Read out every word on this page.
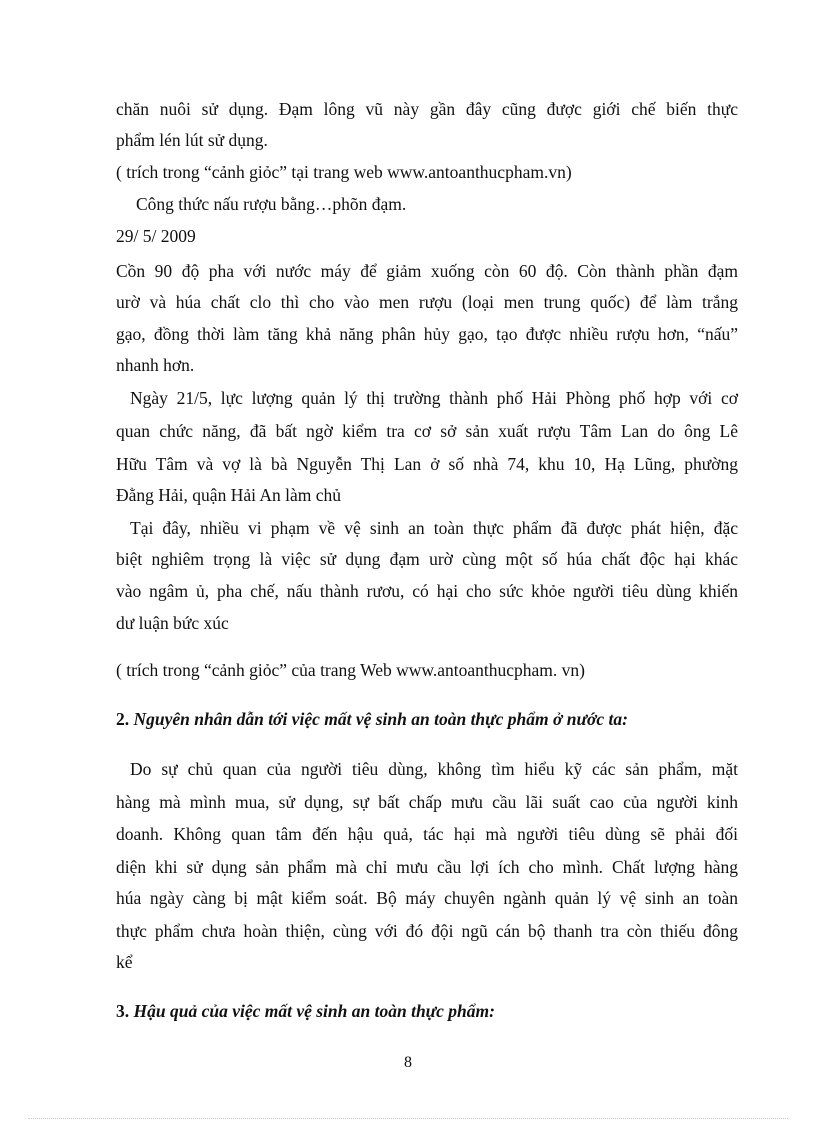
chăn nuôi sử dụng. Đạm lông vũ này gần đây cũng được giới chế biến thực
phẩm lén lút sử dụng.
( trích trong “cảnh giỏc” tại trang web www.antoanthucpham.vn)
Công thức nấu rượu bằng…phõn đạm.
29/ 5/ 2009
Cồn 90 độ pha với nước máy để giảm xuống còn 60 độ. Còn thành phần đạm
urờ và húa chất clo thì cho vào men rượu (loại men trung quốc) để làm trắng
gạo, đồng thời làm tăng khả năng phân hủy gạo, tạo được nhiều rượu hơn, “nấu”
nhanh hơn.
Ngày 21/5, lực lượng quản lý thị trường thành phố Hải Phòng phố hợp với cơ
quan chức năng, đã bất ngờ kiểm tra cơ sở sản xuất rượu Tâm Lan do ông Lê
Hữu Tâm và vợ là bà Nguyễn Thị Lan ở số nhà 74, khu 10, Hạ Lũng, phường
Đằng Hải, quận Hải An làm chủ
Tại đây, nhiều vi phạm về vệ sinh an toàn thực phẩm đã được phát hiện, đặc
biệt nghiêm trọng là việc sử dụng đạm urờ cùng một số húa chất độc hại khác
vào ngâm ủ, pha chế, nấu thành rươu, có hại cho sức khỏe người tiêu dùng khiến
dư luận bức xúc
( trích trong “cảnh giỏc” của trang Web www.antoanthucpham. vn)
2. Nguyên nhân dẫn tới việc mất vệ sinh an toàn thực phẩm ở nước ta:
Do sự chủ quan của người tiêu dùng, không tìm hiểu kỹ các sản phẩm, mặt
hàng mà mình mua, sử dụng, sự bất chấp mưu cầu lãi suất cao của người kinh
doanh. Không quan tâm đến hậu quả, tác hại mà người tiêu dùng sẽ phải đối
diện khi sử dụng sản phẩm mà chỉ mưu cầu lợi ích cho mình. Chất lượng hàng
húa ngày càng bị mật kiểm soát. Bộ máy chuyên ngành quản lý vệ sinh an toàn
thực phẩm chưa hoàn thiện, cùng với đó đội ngũ cán bộ thanh tra còn thiếu đông
kể
3. Hậu quả của việc mất vệ sinh an toàn thực phẩm:
8
